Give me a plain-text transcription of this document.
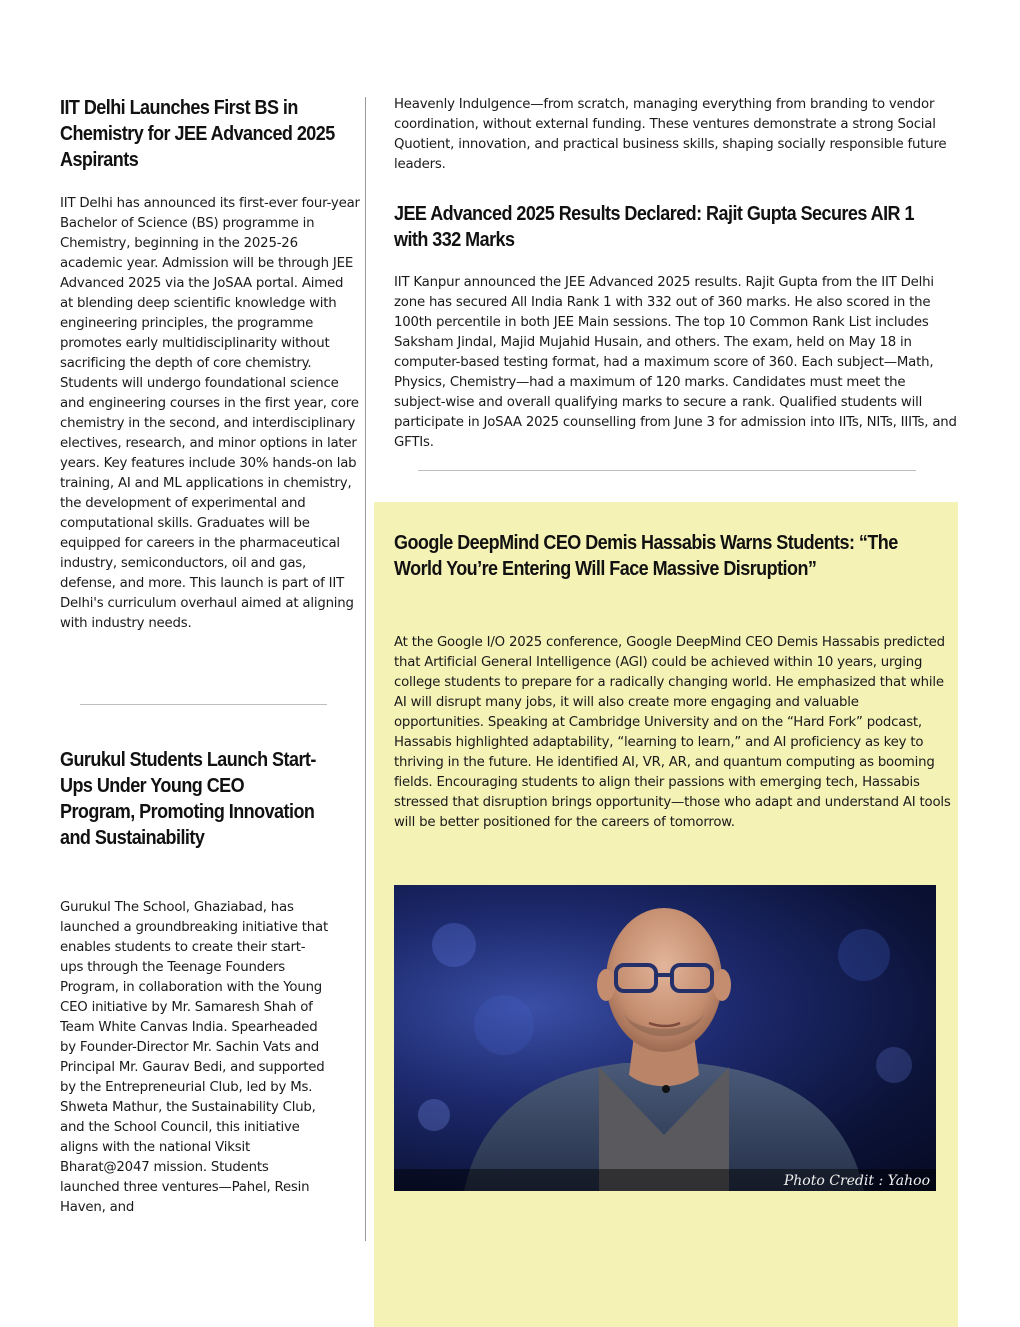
IIT Delhi Launches First BS in Chemistry for JEE Advanced 2025 Aspirants

IIT Delhi has announced its first-ever four-year Bachelor of Science (BS) programme in Chemistry, beginning in the 2025-26 academic year. Admission will be through JEE Advanced 2025 via the JoSAA portal. Aimed at blending deep scientific knowledge with engineering principles, the programme promotes early multidisciplinarity without sacrificing the depth of core chemistry. Students will undergo foundational science and engineering courses in the first year, core chemistry in the second, and interdisciplinary electives, research, and minor options in later years. Key features include 30% hands-on lab training, AI and ML applications in chemistry, the development of experimental and computational skills. Graduates will be equipped for careers in the pharmaceutical industry, semiconductors, oil and gas, defense, and more. This launch is part of IIT Delhi's curriculum overhaul aimed at aligning with industry needs.

Gurukul Students Launch Start-Ups Under Young CEO Program, Promoting Innovation and Sustainability

Gurukul The School, Ghaziabad, has launched a groundbreaking initiative that enables students to create their start-ups through the Teenage Founders Program, in collaboration with the Young CEO initiative by Mr. Samaresh Shah of Team White Canvas India. Spearheaded by Founder-Director Mr. Sachin Vats and Principal Mr. Gaurav Bedi, and supported by the Entrepreneurial Club, led by Ms. Shweta Mathur, the Sustainability Club, and the School Council, this initiative aligns with the national Viksit Bharat@2047 mission. Students launched three ventures—Pahel, Resin Haven, and

Heavenly Indulgence—from scratch, managing everything from branding to vendor coordination, without external funding. These ventures demonstrate a strong Social Quotient, innovation, and practical business skills, shaping socially responsible future leaders.

JEE Advanced 2025 Results Declared: Rajit Gupta Secures AIR 1 with 332 Marks

IIT Kanpur announced the JEE Advanced 2025 results. Rajit Gupta from the IIT Delhi zone has secured All India Rank 1 with 332 out of 360 marks. He also scored in the 100th percentile in both JEE Main sessions. The top 10 Common Rank List includes Saksham Jindal, Majid Mujahid Husain, and others. The exam, held on May 18 in computer-based testing format, had a maximum score of 360. Each subject—Math, Physics, Chemistry—had a maximum of 120 marks. Candidates must meet the subject-wise and overall qualifying marks to secure a rank. Qualified students will participate in JoSAA 2025 counselling from June 3 for admission into IITs, NITs, IIITs, and GFTIs.

Google DeepMind CEO Demis Hassabis Warns Students: “The World You’re Entering Will Face Massive Disruption”

At the Google I/O 2025 conference, Google DeepMind CEO Demis Hassabis predicted that Artificial General Intelligence (AGI) could be achieved within 10 years, urging college students to prepare for a radically changing world. He emphasized that while AI will disrupt many jobs, it will also create more engaging and valuable opportunities. Speaking at Cambridge University and on the “Hard Fork” podcast, Hassabis highlighted adaptability, “learning to learn,” and AI proficiency as key to thriving in the future. He identified AI, VR, AR, and quantum computing as booming fields. Encouraging students to align their passions with emerging tech, Hassabis stressed that disruption brings opportunity—those who adapt and understand AI tools will be better positioned for the careers of tomorrow.

Photo Credit : Yahoo
